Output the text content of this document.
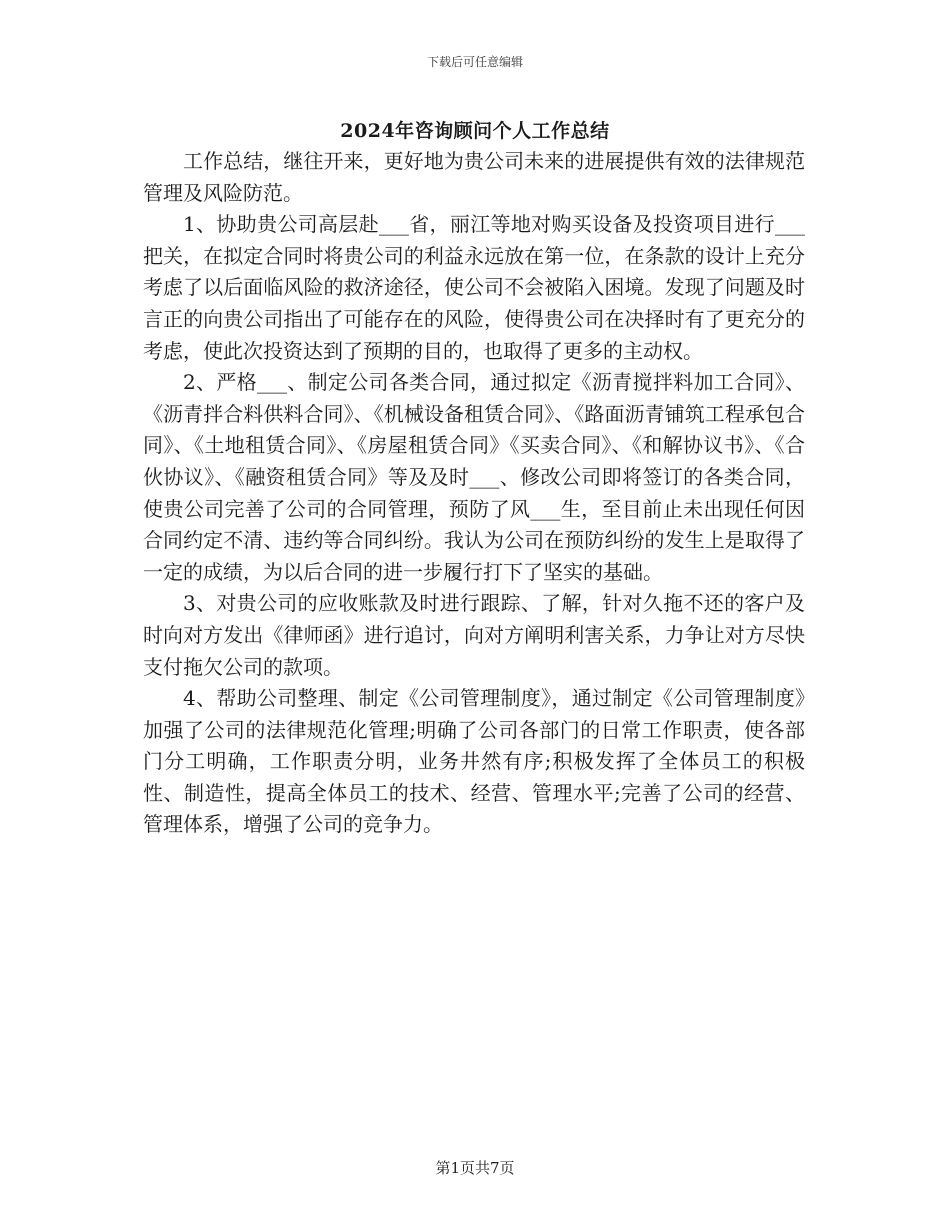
下载后可任意编辑
2024年咨询顾问个人工作总结

工作总结，继往开来，更好地为贵公司未来的进展提供有效的法律规范管理及风险防范。

1、协助贵公司高层赴___省，丽江等地对购买设备及投资项目进行___把关，在拟定合同时将贵公司的利益永远放在第一位，在条款的设计上充分考虑了以后面临风险的救济途径，使公司不会被陷入困境。发现了问题及时言正的向贵公司指出了可能存在的风险，使得贵公司在决择时有了更充分的考虑，使此次投资达到了预期的目的，也取得了更多的主动权。

2、严格___、制定公司各类合同，通过拟定《沥青搅拌料加工合同》、《沥青拌合料供料合同》、《机械设备租赁合同》、《路面沥青铺筑工程承包合同》、《土地租赁合同》、《房屋租赁合同》《买卖合同》、《和解协议书》、《合伙协议》、《融资租赁合同》等及及时___、修改公司即将签订的各类合同，使贵公司完善了公司的合同管理，预防了风___生，至目前止未出现任何因合同约定不清、违约等合同纠纷。我认为公司在预防纠纷的发生上是取得了一定的成绩，为以后合同的进一步履行打下了坚实的基础。

3、对贵公司的应收账款及时进行跟踪、了解，针对久拖不还的客户及时向对方发出《律师函》进行追讨，向对方阐明利害关系，力争让对方尽快支付拖欠公司的款项。

4、帮助公司整理、制定《公司管理制度》，通过制定《公司管理制度》加强了公司的法律规范化管理;明确了公司各部门的日常工作职责，使各部门分工明确，工作职责分明，业务井然有序;积极发挥了全体员工的积极性、制造性，提高全体员工的技术、经营、管理水平;完善了公司的经营、管理体系，增强了公司的竞争力。

第1页共7页
